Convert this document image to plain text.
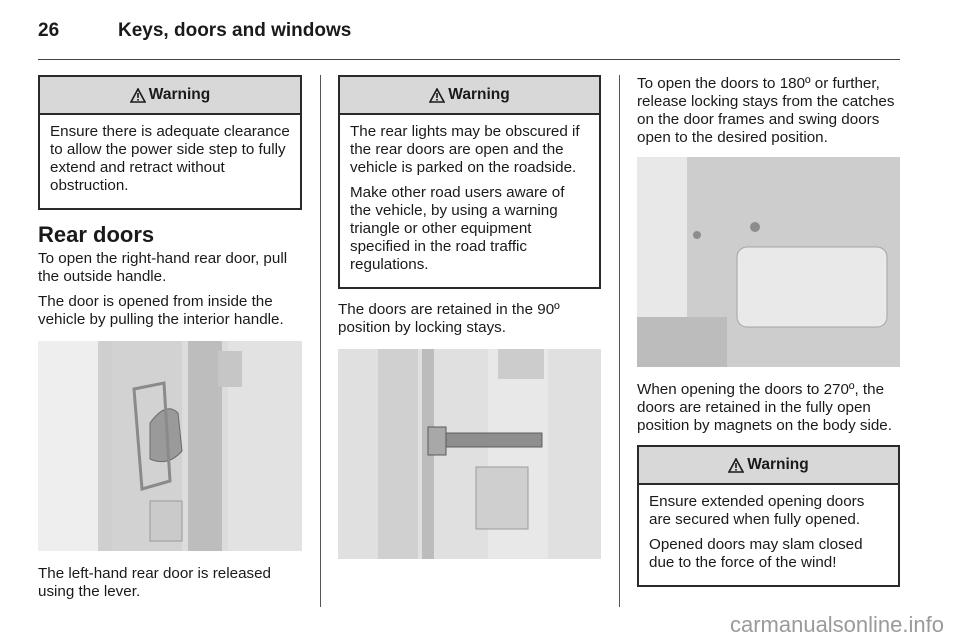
26	Keys, doors and windows
Warning
Ensure there is adequate clearance to allow the power side step to fully extend and retract without obstruction.
Rear doors
To open the right-hand rear door, pull the outside handle.
The door is opened from inside the vehicle by pulling the interior handle.
The left-hand rear door is released using the lever.
Warning
The rear lights may be obscured if the rear doors are open and the vehicle is parked on the roadside.
Make other road users aware of the vehicle, by using a warning triangle or other equipment specified in the road traffic regulations.
The doors are retained in the 90º position by locking stays.
To open the doors to 180º or further, release locking stays from the catches on the door frames and swing doors open to the desired position.
When opening the doors to 270º, the doors are retained in the fully open position by magnets on the body side.
Warning
Ensure extended opening doors are secured when fully opened.
Opened doors may slam closed due to the force of the wind!
carmanualsonline.info
